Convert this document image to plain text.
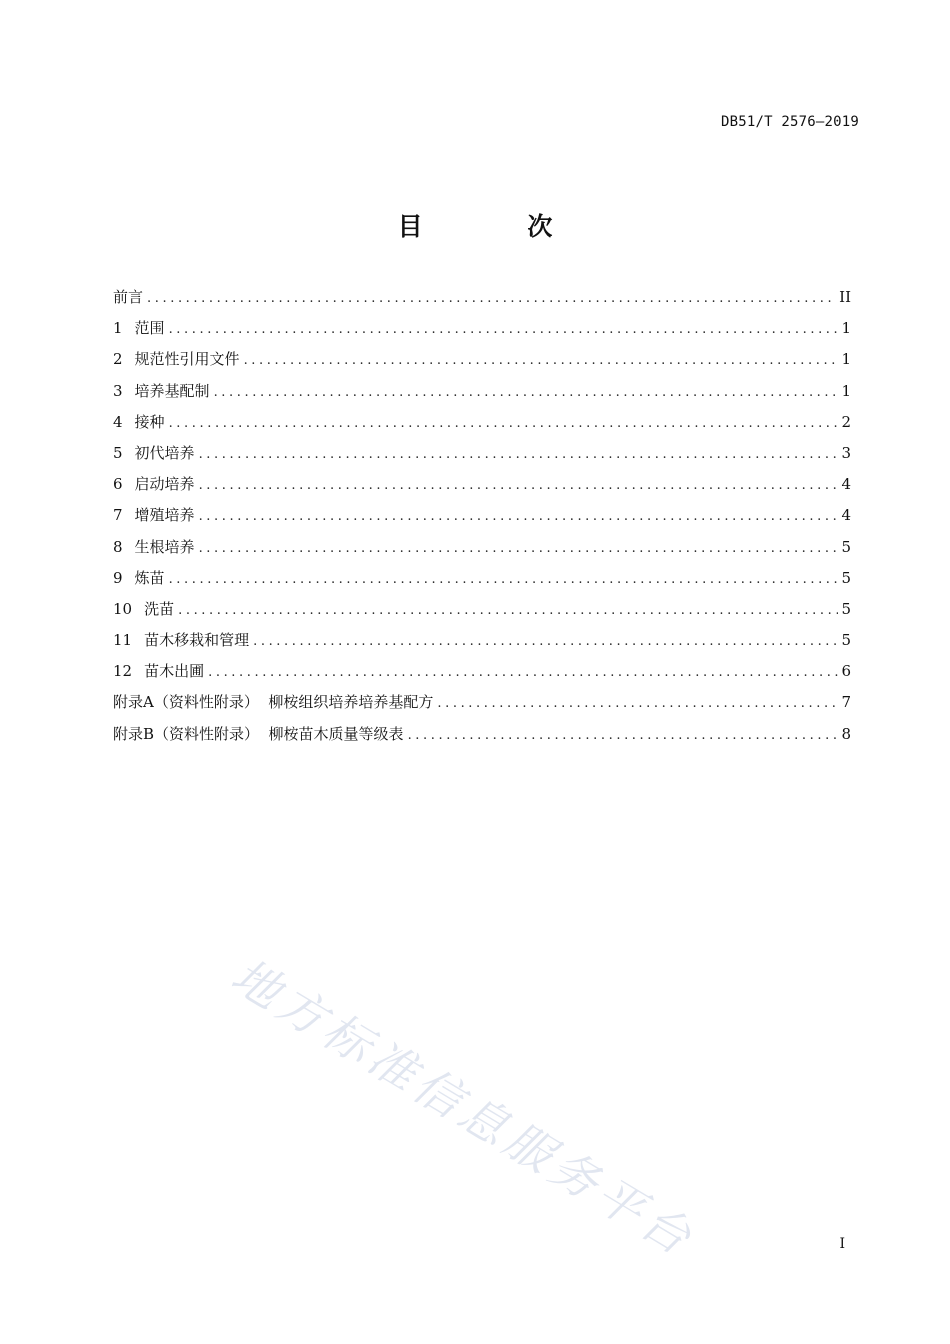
DB51/T 2576—2019
目 次
前言 .....	II
1 范围 .....	1
2 规范性引用文件 .....	1
3 培养基配制 .....	1
4 接种 .....	2
5 初代培养 .....	3
6 启动培养 .....	4
7 增殖培养 .....	4
8 生根培养 .....	5
9 炼苗 .....	5
10 洗苗 .....	5
11 苗木移栽和管理 .....	5
12 苗木出圃 .....	6
附录A（资料性附录）  柳桉组织培养培养基配方 .....	7
附录B（资料性附录）  柳桉苗木质量等级表 .....	8
地方标准信息服务平台	I
